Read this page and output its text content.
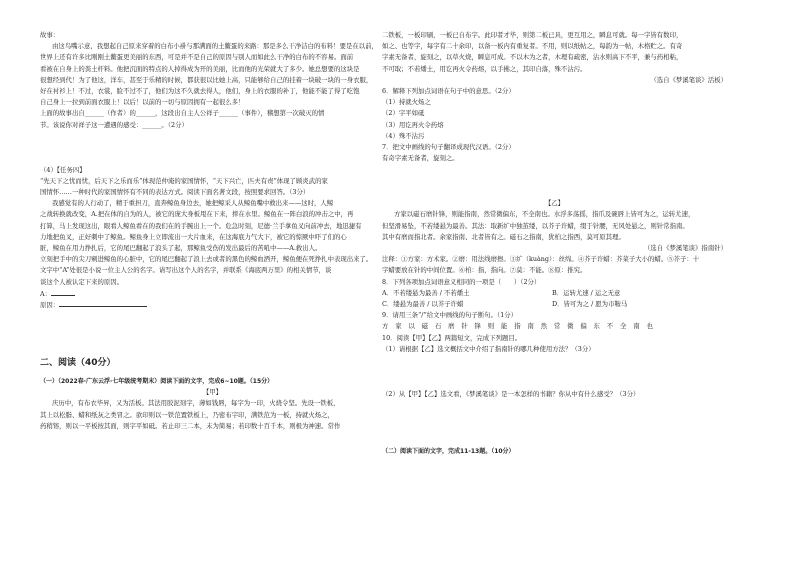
故事：
由这鸟嘴示意，我想起自己原来穿着的白布小褂与那满面的土鳖蛋的来路：那是多么干净洁白的布料！要是在以前，
世界上还有许多比刚刚土鳖蛋更美丽的东西，可是并不是自己的原因与别人而如此么干净的白布的不容易。面前
看被在自身上的粪土杆料。他把沉面的特点的人掉得成为开的美丽，比而他的光荣就大了多少。她总想要的这块是
很想经到代！为了他这，洋车，甚至于乐精的时候，都获很以比她上高，只能够给自己的挂着一块破一块的一身衣服，
好在衬衫上！不过，衣裳，脸不过不了，他们为这不久就去得人，他们，身上的衣服的补丁，他能不能了得了吃饱
自己身上一拉到前面衣服上！以后！以前的一切与原因拥有一起很么多！
上面的故事出自______（作者）的______，这段出自主人公祥子______（事件），稽想第一次破灭的情
节。该说你对祥子这一遭遇的感受：______。（2分）
（4）【任务四】
“先天下之忧而忧，后天下之乐而乐”体现范仲淹的家国情怀，“天下兴亡，匹夫有责”体现了顾炎武的家
国情怀……一种时代的家国情怀有不同的表达方式。阅读下面名著文段，按照要求回答。（3分）
我感觉有的人行动了，精于重担刀，直奔鲸鱼身边去，她把鲸采人从鲸鱼嘴中救出来——这时，人鲸
之战转换就改变，A.把在体的自为的人，被它的庞大身板甩在下来，摔在水里。鲸鱼在一阵白浪的冲击之中，再
打算，马上发现这出，眼看人鲸鱼看在的我们在的手腕出上一个。危急时刻，尼德·兰手拿鱼叉向前冲去，地迅捷有
力地把鱼叉，正好刺中了鲸鱼。鲸鱼身上立即流出一大片血来，在这海底力气大下，被它的惊厥中吓了们的心
脏，鲸鱼在用力挣扎后，它的尾巴翻起了浪头了起，那鲸鱼受伤的发出最后的苦吼中——A.救出人。
立刻把手中的尖刀剜进鲸鱼的心脏中，它的尾巴翻起了浪上去或者的黑色的鲸血洒开，鲸鱼便在死挣扎中表现出来了。
文字中“A”处很是小说一位主人公的名字。请写出这个人的名字，并联系《海底两万里》的相关情节，谈
谈这个人被认定下来的原因。
A：
原因：
二、阅读（40分）
（一）（2022春·广东云浮·七年级统考期末）阅读下面的文字，完成6~10题。（15分）
【甲】
庆历中，有布衣毕昇，又为活板。其法用胶泥刻字，薄如钱唇，每字为一印，火烧令坚。先设一铁板，
其上以松脂、蜡和纸灰之类冒之。欲印则以一铁范置铁板上，乃密布字印，满铁范为一板，持就火炀之，
药稍镕，则以一平板按其面，则字平如砥。若止印三二本，未为简易；若印数十百千本，则极为神速。常作
二铁板，一板印刷，一板已自布字。此印者才毕，则第二板已具，更互用之，瞬息可就。每一字皆有数印，
如之、也等字，每字有二十余印，以备一板内有重复者。不用，则以纸帖之，每韵为一帖，木格贮之。有奇
字素无备者，旋刻之，以草火烧，瞬息可成。不以木为之者，木理有疏密，沾水则高下不平，兼与药相粘，
不可取；不若燔土，用讫再火令药熔，以手拂之，其印自落，殊不沾污。
（选自《梦溪笔谈》活板）
6．解释下列加点词语在句子中的意思。（2分）
（1）持就火炀之
（2）字平如砥
（3）用讫再火令药熔
（4）殊不沾污
7．把文中画线的句子翻译成现代汉语。（2分）
有奇字素无备者，旋刻之。
【乙】
方家以磁石磨针锋，则能指南，然常微偏东，不全南也。水浮多荡摇，指爪及碗唇上皆可为之，运转尤速，
但坚滑易坠，不若缕悬为最善。其法：取新纩中独茧缕，以芥子许蜡，缀于针腰，无风处悬之，则针常指南。
其中有磨而指北者。余家指南、北者皆有之。磁石之指南，犹柏之指西，莫可原其理。
（选自《梦溪笔谈》指南针）
注释：①方家：方术家。②磨：用法线磨擦。③纩（kuàng）：丝绵。④芥子许蜡：芥菜子大小的蜡。⑤芥子：十
字蜡要放在针的中间位置。⑥柏：指，指向。⑦莫：不能。⑧原：推究。
8．下列各项加点词语意义相同的一项是（　　）（2分）
A．不若缕悬为最善 / 不若燔土	B．运转尤速 / 运之无意
C．缕悬为最善 / 以芥子许蜡	D．皆可为之 / 愿为市鞍马
9．请用三条“/”给文中画线的句子断句。（1分）
方 家 以 磁 石 磨 针 锋 则 能 指 南 然 常 微 偏 东 不 全 南 也
10．阅读【甲】【乙】两篇短文，完成下列题目。
（1）请根据【乙】选文概括文中介绍了指南针的哪几种使用方法？（3分）
（2）从【甲】【乙】选文看，《梦溪笔谈》是一本怎样的书籍？你从中有什么感受？（3分）
（二）阅读下面的文字，完成11-13题。（10分）
